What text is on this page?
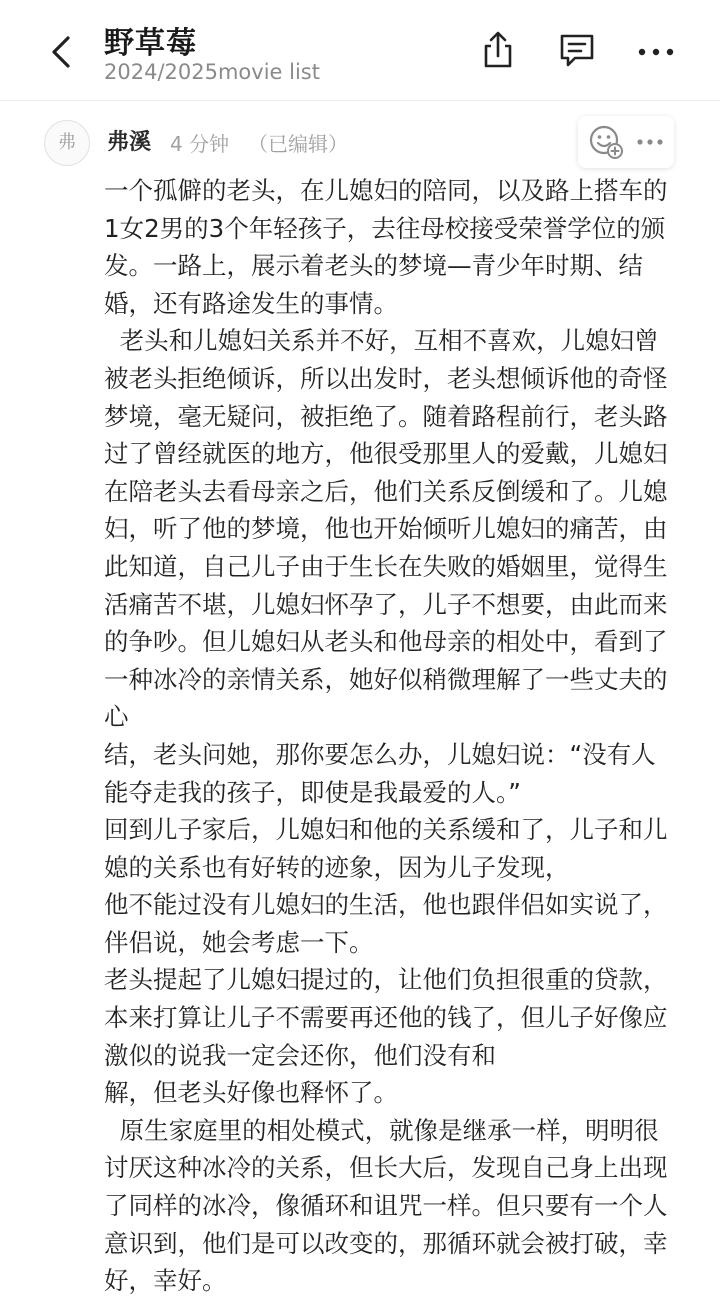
野草莓
2024/2025movie list
弗	弗溪 4 分钟 （已编辑）

一个孤僻的老头，在儿媳妇的陪同，以及路上搭车的1女2男的3个年轻孩子，去往母校接受荣誉学位的颁发。一路上，展示着老头的梦境—青少年时期、结婚，还有路途发生的事情。

老头和儿媳妇关系并不好，互相不喜欢，儿媳妇曾被老头拒绝倾诉，所以出发时，老头想倾诉他的奇怪梦境，毫无疑问，被拒绝了。随着路程前行，老头路过了曾经就医的地方，他很受那里人的爱戴，儿媳妇在陪老头去看母亲之后，他们关系反倒缓和了。儿媳妇，听了他的梦境，他也开始倾听儿媳妇的痛苦，由此知道，自己儿子由于生长在失败的婚姻里，觉得生活痛苦不堪，儿媳妇怀孕了，儿子不想要，由此而来的争吵。但儿媳妇从老头和他母亲的相处中，看到了一种冰冷的亲情关系，她好似稍微理解了一些丈夫的心
结，老头问她，那你要怎么办，儿媳妇说：“没有人能夺走我的孩子，即使是我最爱的人。”

回到儿子家后，儿媳妇和他的关系缓和了，儿子和儿媳的关系也有好转的迹象，因为儿子发现，
他不能过没有儿媳妇的生活，他也跟伴侣如实说了，伴侣说，她会考虑一下。

老头提起了儿媳妇提过的，让他们负担很重的贷款，本来打算让儿子不需要再还他的钱了，但儿子好像应激似的说我一定会还你，他们没有和
解，但老头好像也释怀了。

原生家庭里的相处模式，就像是继承一样，明明很讨厌这种冰冷的关系，但长大后，发现自己身上出现了同样的冰冷，像循环和诅咒一样。但只要有一个人意识到，他们是可以改变的，那循环就会被打破，幸好，幸好。
